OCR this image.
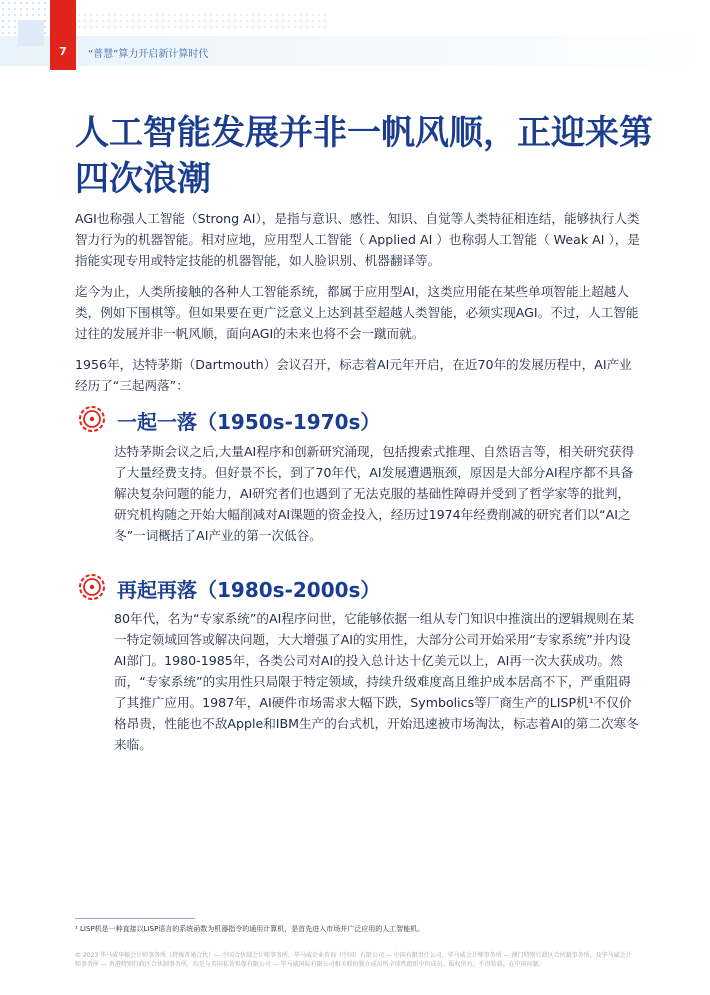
7	“普慧”算力开启新计算时代
人工智能发展并非一帆风顺，正迎来第四次浪潮

AGI也称强人工智能（Strong AI），是指与意识、感性、知识、自觉等人类特征相连结，能够执行人类智力行为的机器智能。相对应地，应用型人工智能（ Applied AI ）也称弱人工智能（ Weak AI ），是指能实现专用或特定技能的机器智能，如人脸识别、机器翻译等。

迄今为止，人类所接触的各种人工智能系统，都属于应用型AI，这类应用能在某些单项智能上超越人类，例如下围棋等。但如果要在更广泛意义上达到甚至超越人类智能，必须实现AGI。不过，人工智能过往的发展并非一帆风顺，面向AGI的未来也将不会一蹴而就。

1956年，达特茅斯（Dartmouth）会议召开，标志着AI元年开启，在近70年的发展历程中，AI产业经历了“三起两落”：

一起一落（1950s-1970s）

达特茅斯会议之后,大量AI程序和创新研究涌现，包括搜索式推理、自然语言等，相关研究获得了大量经费支持。但好景不长，到了70年代，AI发展遭遇瓶颈，原因是大部分AI程序都不具备解决复杂问题的能力，AI研究者们也遇到了无法克服的基础性障碍并受到了哲学家等的批判，研究机构随之开始大幅削减对AI课题的资金投入，经历过1974年经费削减的研究者们以“AI之冬”一词概括了AI产业的第一次低谷。

再起再落（1980s-2000s）

80年代，名为“专家系统”的AI程序问世，它能够依据一组从专门知识中推演出的逻辑规则在某一特定领域回答或解决问题，大大增强了AI的实用性，大部分公司开始采用“专家系统”并内设AI部门。1980-1985年，各类公司对AI的投入总计达十亿美元以上，AI再一次大获成功。然而，“专家系统”的实用性只局限于特定领域，持续升级难度高且维护成本居高不下，严重阻碍了其推广应用。1987年，AI硬件市场需求大幅下跌，Symbolics等厂商生产的LISP机¹不仅价格昂贵，性能也不敌Apple和IBM生产的台式机，开始迅速被市场淘汰，标志着AI的第二次寒冬来临。

¹ LISP机是一种直接以LISP语言的系统函数为机器指令的通用计算机，是首先进入市场并广泛应用的人工智能机。
© 2023 毕马威华振会计师事务所（特殊普通合伙）— 中国合伙制会计师事务所，毕马威企业咨询（中国）有限公司 — 中国有限责任公司，毕马威会计师事务所 — 澳门特别行政区合伙制事务所，及毕马威会计师事务所 — 香港特别行政区合伙制事务所，均是与英国私营担保有限公司 — 毕马威国际有限公司相关联的独立成员所全球性组织中的成员。版权所有，不得转载。在中国印制。
